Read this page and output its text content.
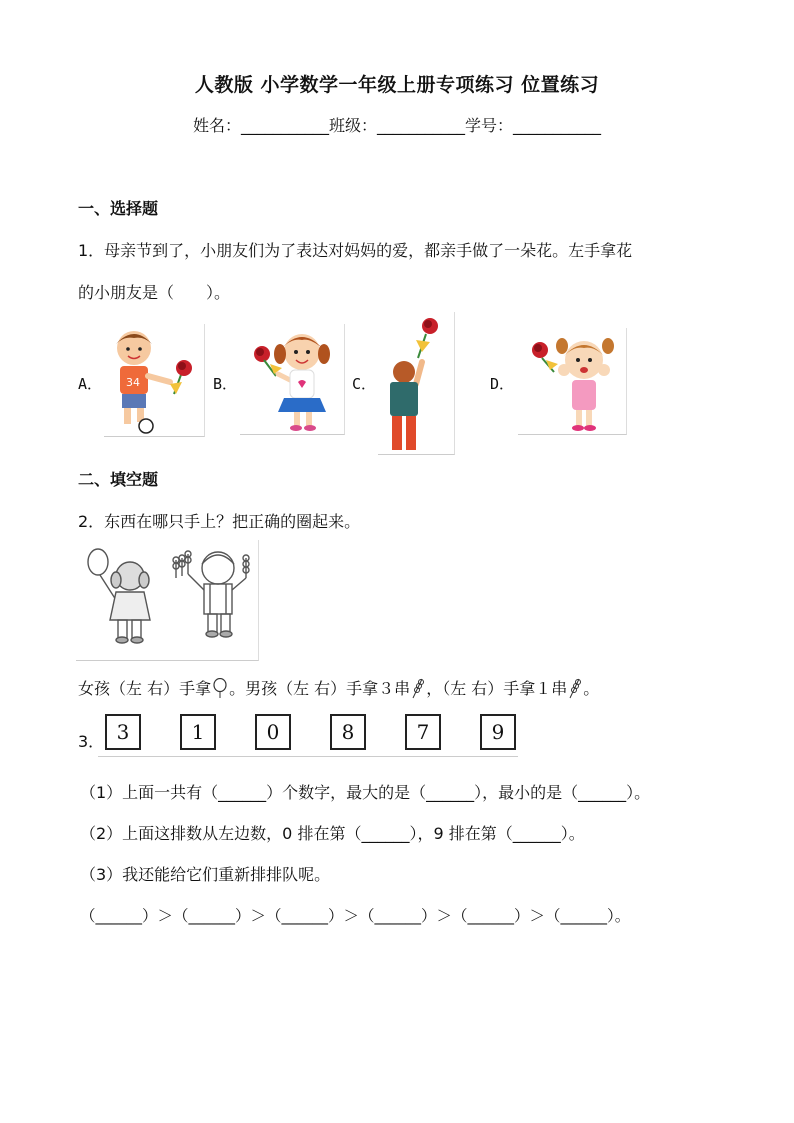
人教版 小学数学一年级上册专项练习 位置练习
姓名：___________班级：___________学号：___________
一、选择题
1．母亲节到了，小朋友们为了表达对妈妈的爱，都亲手做了一朵花。左手拿花
的小朋友是（　　）。
A． 34	B．	C．	D．
二、填空题
2．东西在哪只手上？把正确的圈起来。
女孩（左 右）手拿 。男孩（左 右）手拿３串 ，（左 右）手拿１串 。
3． 3	1	0	8	7	9
（1）上面一共有（______）个数字，最大的是（______），最小的是（______）。
（2）上面这排数从左边数，0 排在第（______），9 排在第（______）。
（3）我还能给它们重新排排队呢。
（______）＞（______）＞（______）＞（______）＞（______）＞（______）。
